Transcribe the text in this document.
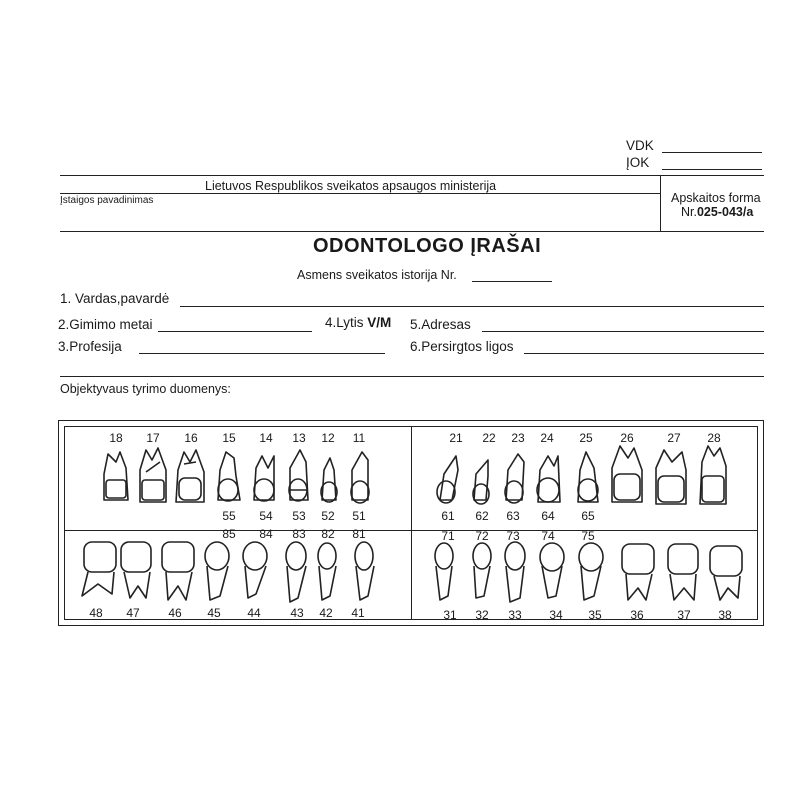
VDK
ĮOK
Lietuvos Respublikos sveikatos apsaugos ministerija
Įstaigos pavadinimas	Apskaitos forma
Nr.025-043/a
ODONTOLOGO ĮRAŠAI
Asmens sveikatos istorija Nr.
1. Vardas,pavardė
2.Gimimo metai	4.Lytis V/M 5.Adresas
3.Profesija	6.Persirgtos ligos
Objektyvaus tyrimo duomenys:
18	17	16	15	14	13	12	11	21	22	23	24	25	26	27	28
55	54	53	52	51	61	62	63	64	65
85	84	83	82	81	71	72	73	74	75
48	47	46	45	44	43	42	41	31	32	33	34	35	36	37	38
